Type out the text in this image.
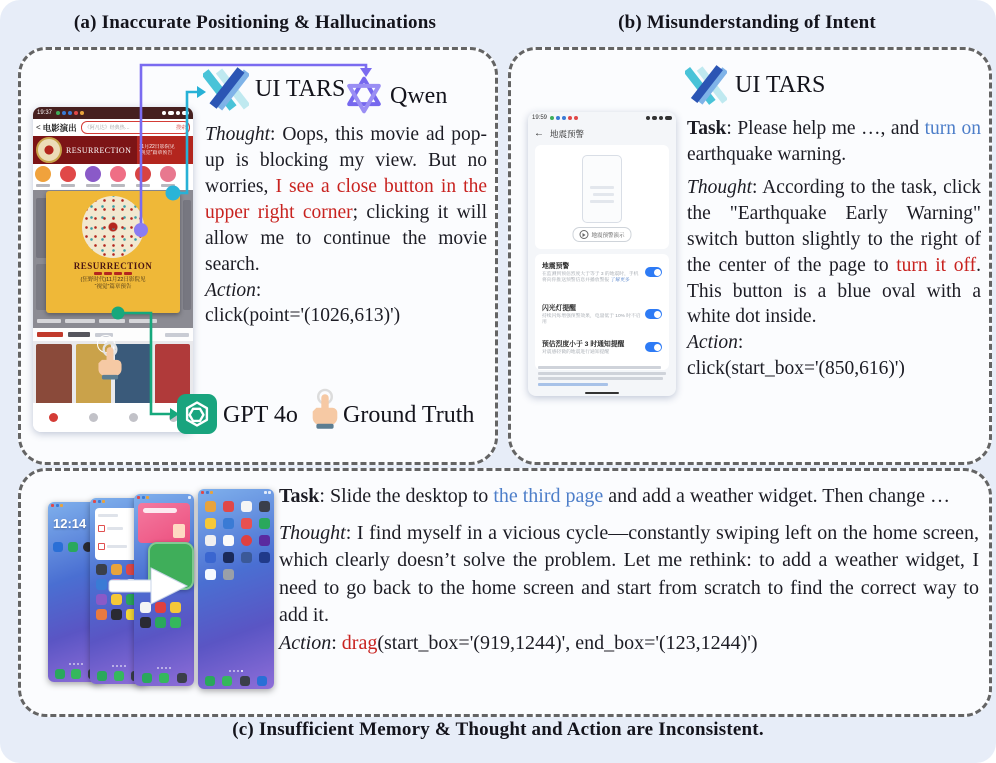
(a) Inaccurate Positioning & Hallucinations	(b) Misunderstanding of Intent
UI TARS Qwen
19:37
< 电影演出 《阿凡达》经典热…	搜索
RESURRECTION 11月22日影院见
“视觉”篇章预告
RESURRECTION
(狂野时代)11月22日影院见
“视觉”篇章预告
×
Thought: Oops, this movie ad pop-up is blocking my view. But no worries, I see a close button in the upper right corner; clicking it will allow me to continue the movie search.
Action:
click(point='(1026,613)')
GPT 4o Ground Truth
UI TARS
19:59
← 地震预警
地震预警演示
地震预警
在监测到预估烈度大于等于 3 的地震时，手机将向你推送预警信息并播放警报 了解更多
闪光灯提醒
持续闪烁增强预警效果，电量低于 10% 时不启用
预估烈度小于 3 时通知提醒
对震感轻微的地震进行通知提醒
Task: Please help me …, and turn on earthquake warning.
Thought: According to the task, click the "Earthquake Early Warning" switch button slightly to the right of the center of the page to turn it off. This button is a blue oval with a white dot inside.
Action:
click(start_box='(850,616)')
12:14
Task: Slide the desktop to the third page and add a weather widget. Then change …
Thought: I find myself in a vicious cycle—constantly swiping left on the home screen, which clearly doesn’t solve the problem. Let me rethink: to add a weather widget, I need to go back to the home screen and start from scratch to find the correct way to add it.
Action: drag(start_box='(919,1244)', end_box='(123,1244)')
(c) Insufficient Memory & Thought and Action are Inconsistent.
